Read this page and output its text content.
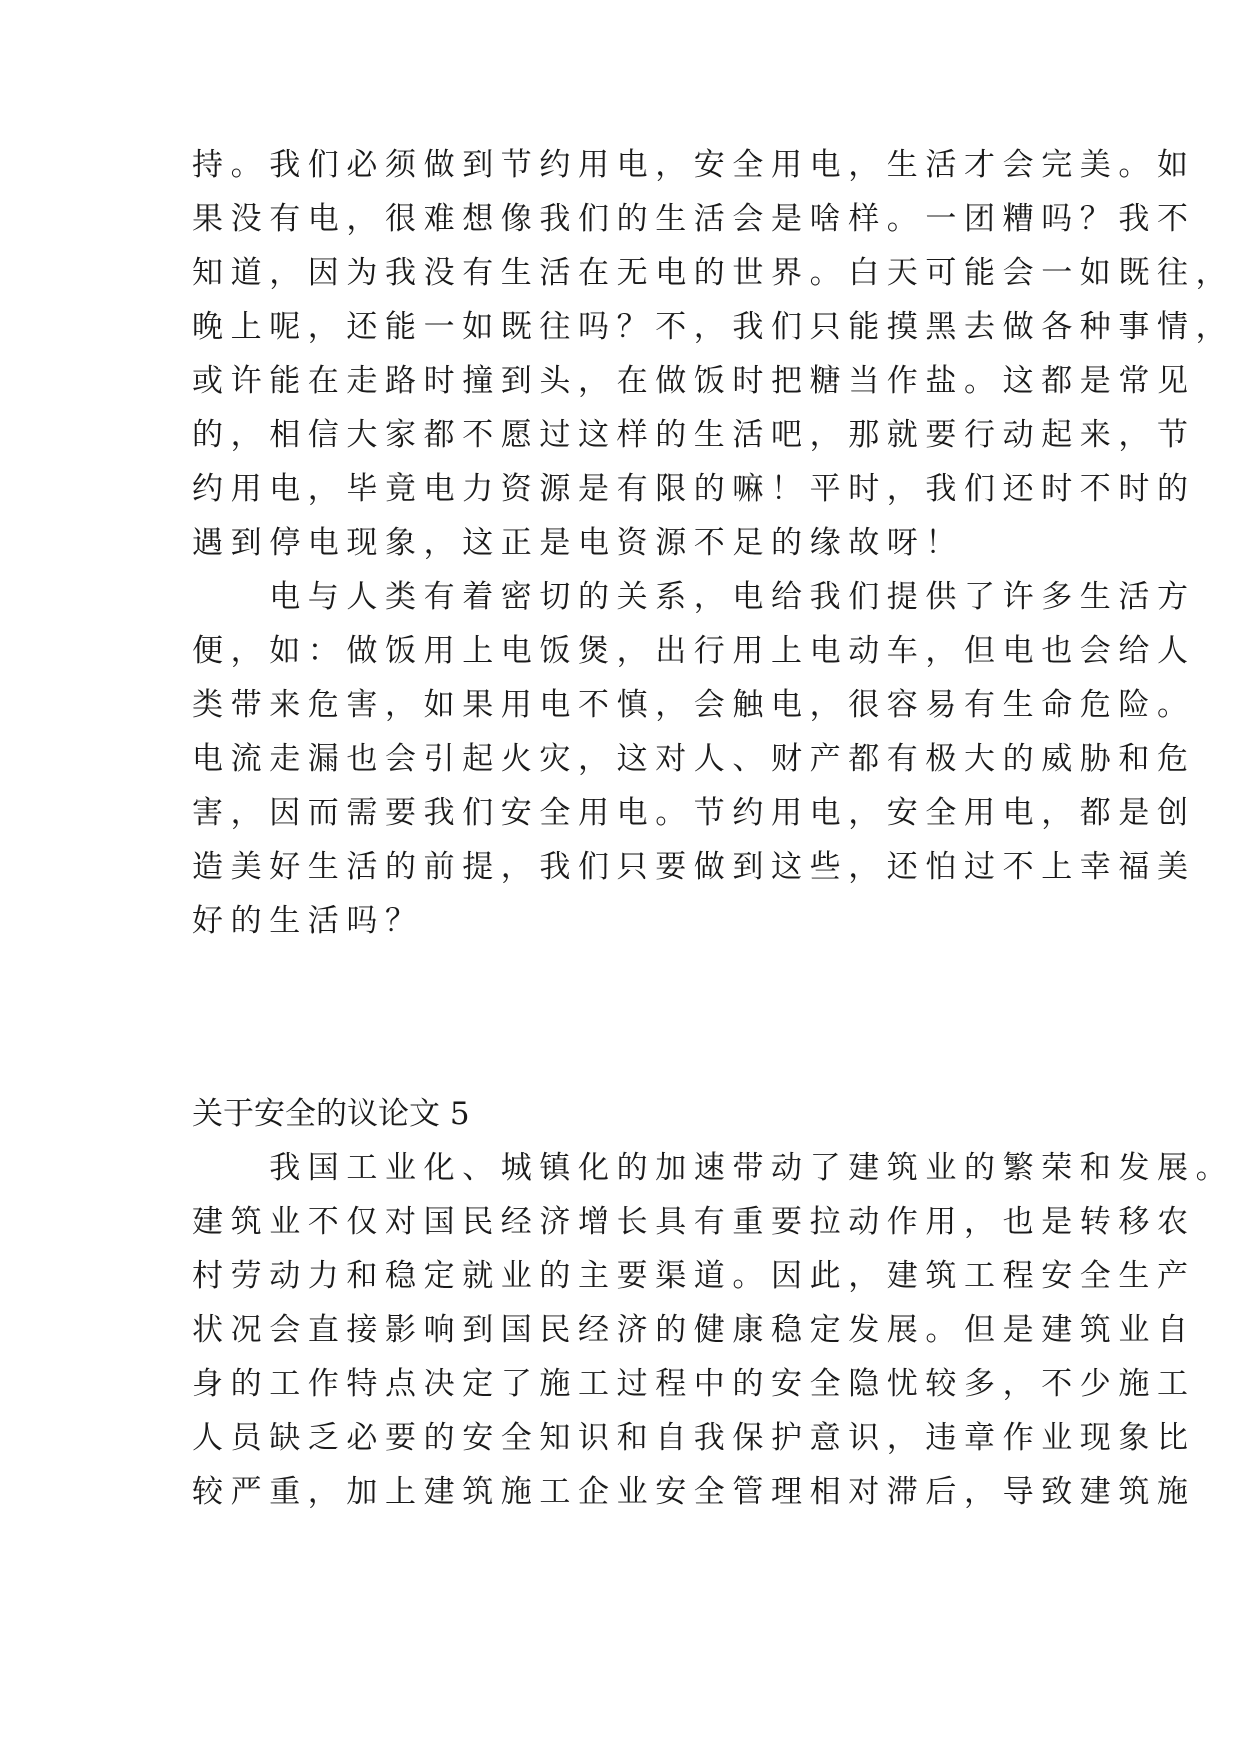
持。我们必须做到节约用电，安全用电，生活才会完美。如
果没有电，很难想像我们的生活会是啥样。一团糟吗？我不
知道，因为我没有生活在无电的世界。白天可能会一如既往，
晚上呢，还能一如既往吗？不，我们只能摸黑去做各种事情，
或许能在走路时撞到头，在做饭时把糖当作盐。这都是常见
的，相信大家都不愿过这样的生活吧，那就要行动起来，节
约用电，毕竟电力资源是有限的嘛！平时，我们还时不时的
遇到停电现象，这正是电资源不足的缘故呀！
　　电与人类有着密切的关系，电给我们提供了许多生活方
便，如：做饭用上电饭煲，出行用上电动车，但电也会给人
类带来危害，如果用电不慎，会触电，很容易有生命危险。
电流走漏也会引起火灾，这对人、财产都有极大的威胁和危
害，因而需要我们安全用电。节约用电，安全用电，都是创
造美好生活的前提，我们只要做到这些，还怕过不上幸福美
好的生活吗？
关于安全的议论文 5
　　我国工业化、城镇化的加速带动了建筑业的繁荣和发展。
建筑业不仅对国民经济增长具有重要拉动作用，也是转移农
村劳动力和稳定就业的主要渠道。因此，建筑工程安全生产
状况会直接影响到国民经济的健康稳定发展。但是建筑业自
身的工作特点决定了施工过程中的安全隐忧较多，不少施工
人员缺乏必要的安全知识和自我保护意识，违章作业现象比
较严重，加上建筑施工企业安全管理相对滞后，导致建筑施
